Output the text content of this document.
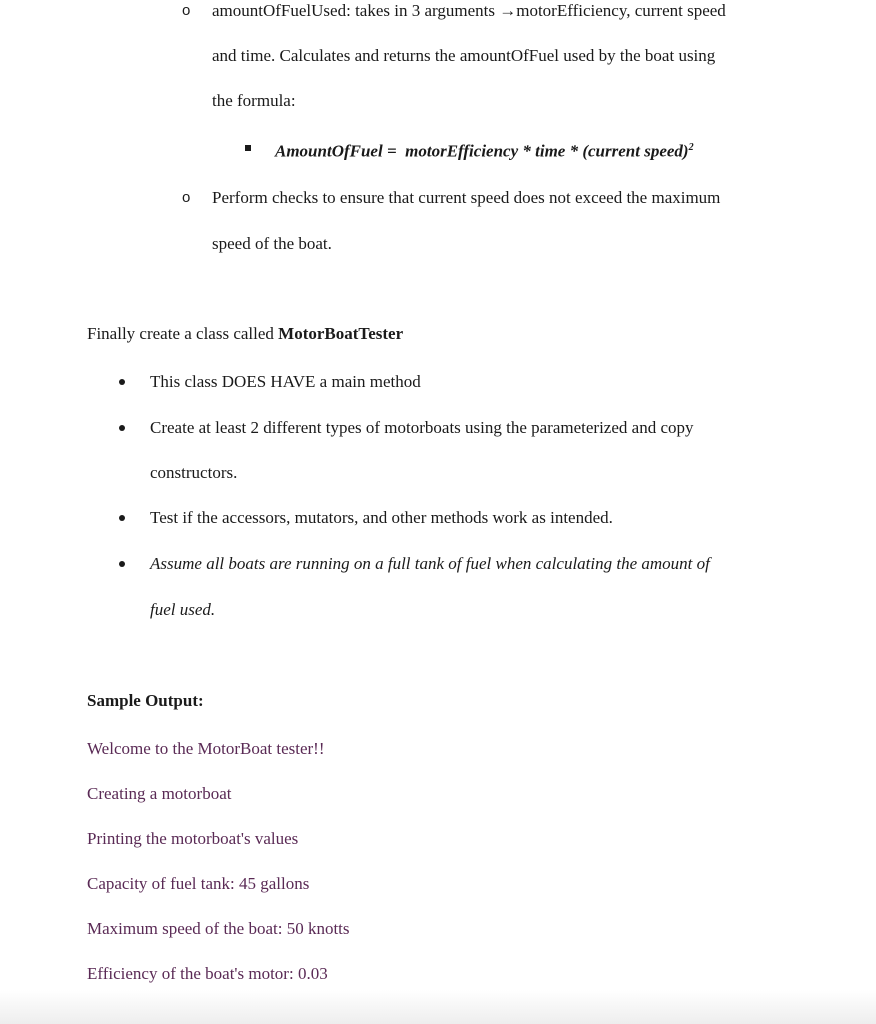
o amountOfFuelUsed: takes in 3 arguments →motorEfficiency, current speed
and time. Calculates and returns the amountOfFuel used by the boat using
the formula:
AmountOfFuel =  motorEfficiency * time * (current speed)$^2$
o Perform checks to ensure that current speed does not exceed the maximum
speed of the boat.
Finally create a class called MotorBoatTester
This class DOES HAVE a main method
Create at least 2 different types of motorboats using the parameterized and copy
constructors.
Test if the accessors, mutators, and other methods work as intended.
Assume all boats are running on a full tank of fuel when calculating the amount of
fuel used.
Sample Output:
Welcome to the MotorBoat tester!!
Creating a motorboat
Printing the motorboat's values
Capacity of fuel tank: 45 gallons
Maximum speed of the boat: 50 knotts
Efficiency of the boat's motor: 0.03
